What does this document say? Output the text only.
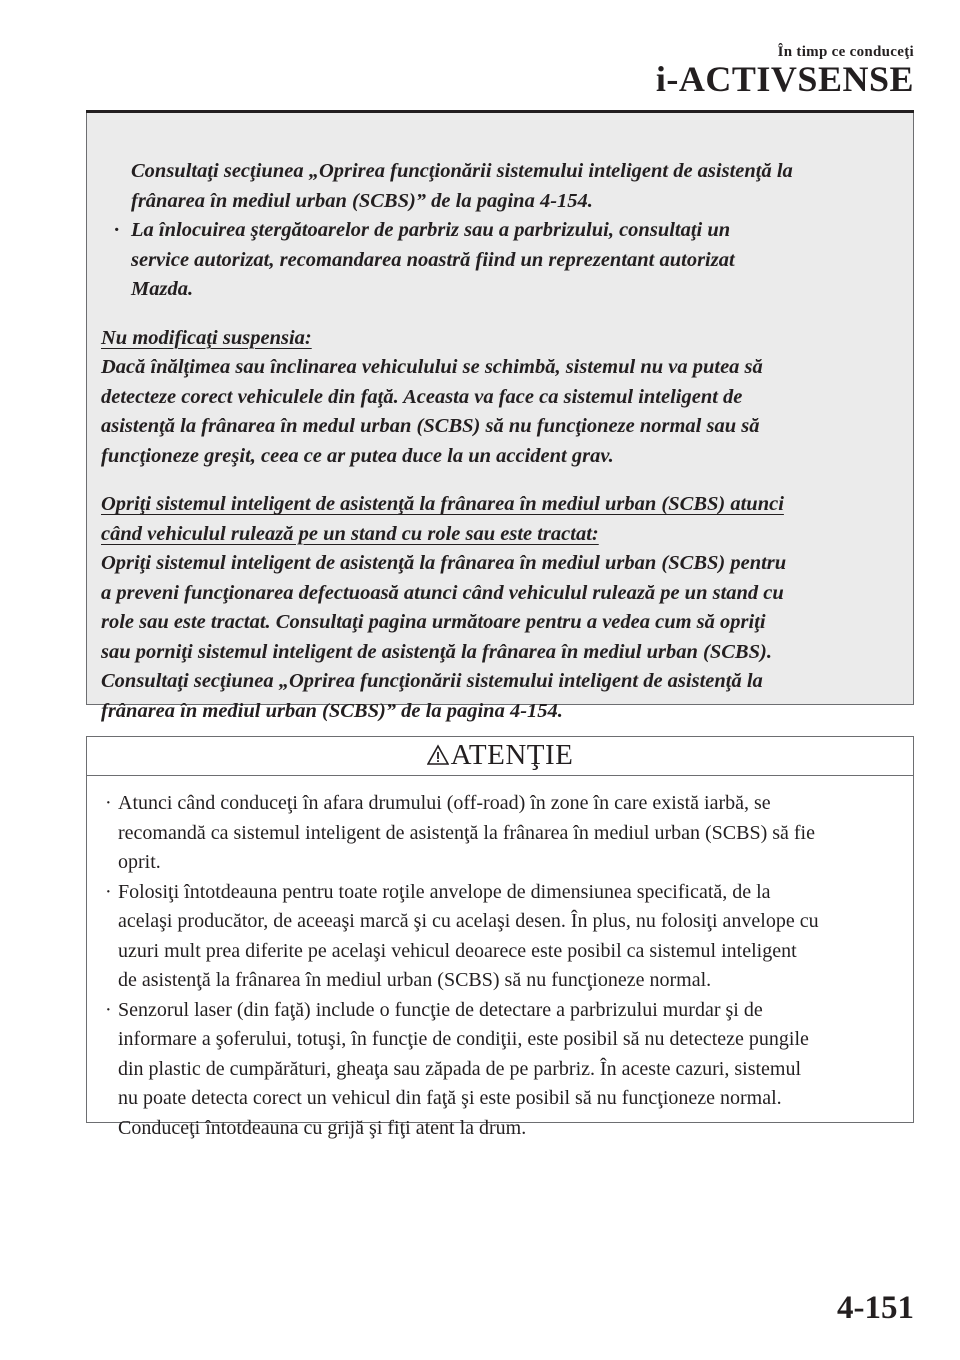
În timp ce conduceţi
i-ACTIVSENSE

Consultaţi secţiunea „Oprirea funcţionării sistemului inteligent de asistenţă la

frânarea în mediul urban (SCBS)” de la pagina 4-154.

· La înlocuirea ştergătoarelor de parbriz sau a parbrizului, consultaţi un

service autorizat, recomandarea noastră fiind un reprezentant autorizat

Mazda.

Nu modificaţi suspensia:

Dacă înălţimea sau înclinarea vehiculului se schimbă, sistemul nu va putea să

detecteze corect vehiculele din faţă. Aceasta va face ca sistemul inteligent de

asistenţă la frânarea în medul urban (SCBS) să nu funcţioneze normal sau să

funcţioneze greşit, ceea ce ar putea duce la un accident grav.

Opriţi sistemul inteligent de asistenţă la frânarea în mediul urban (SCBS) atunci

când vehiculul rulează pe un stand cu role sau este tractat:

Opriţi sistemul inteligent de asistenţă la frânarea în mediul urban (SCBS) pentru

a preveni funcţionarea defectuoasă atunci când vehiculul rulează pe un stand cu

role sau este tractat. Consultaţi pagina următoare pentru a vedea cum să opriţi

sau porniţi sistemul inteligent de asistenţă la frânarea în mediul urban (SCBS).

Consultaţi secţiunea „Oprirea funcţionării sistemului inteligent de asistenţă la

frânarea în mediul urban (SCBS)” de la pagina 4-154.

ATENŢIE
· Atunci când conduceţi în afara drumului (off-road) în zone în care există iarbă, se
recomandă ca sistemul inteligent de asistenţă la frânarea în mediul urban (SCBS) să fie
oprit.
· Folosiţi întotdeauna pentru toate roţile anvelope de dimensiunea specificată, de la
acelaşi producător, de aceeaşi marcă şi cu acelaşi desen. În plus, nu folosiţi anvelope cu
uzuri mult prea diferite pe acelaşi vehicul deoarece este posibil ca sistemul inteligent
de asistenţă la frânarea în mediul urban (SCBS) să nu funcţioneze normal.
· Senzorul laser (din faţă) include o funcţie de detectare a parbrizului murdar şi de
informare a şoferului, totuşi, în funcţie de condiţii, este posibil să nu detecteze pungile
din plastic de cumpărături, gheaţa sau zăpada de pe parbriz. În aceste cazuri, sistemul
nu poate detecta corect un vehicul din faţă şi este posibil să nu funcţioneze normal.
Conduceţi întotdeauna cu grijă şi fiţi atent la drum.
4-151
